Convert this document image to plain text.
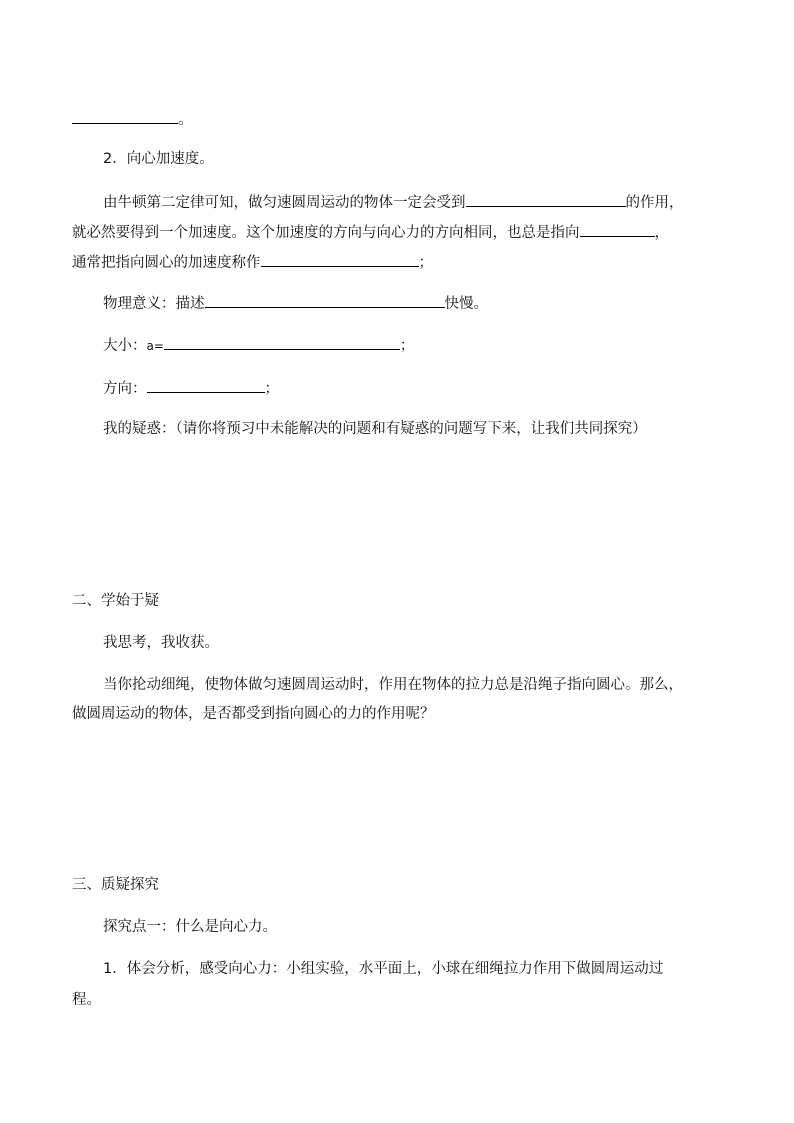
。
2．向心加速度。
由牛顿第二定律可知，做匀速圆周运动的物体一定会受到	的作用，
就必然要得到一个加速度。这个加速度的方向与向心力的方向相同，也总是指向	，
通常把指向圆心的加速度称作	；
物理意义：描述	快慢。
大小：a=	；
方向：	；
我的疑惑：（请你将预习中未能解决的问题和有疑惑的问题写下来，让我们共同探究）
二、学始于疑
我思考，我收获。
当你抡动细绳，使物体做匀速圆周运动时，作用在物体的拉力总是沿绳子指向圆心。那么，
做圆周运动的物体，是否都受到指向圆心的力的作用呢？
三、质疑探究
探究点一：什么是向心力。
1．体会分析，感受向心力：小组实验，水平面上，小球在细绳拉力作用下做圆周运动过
程。
